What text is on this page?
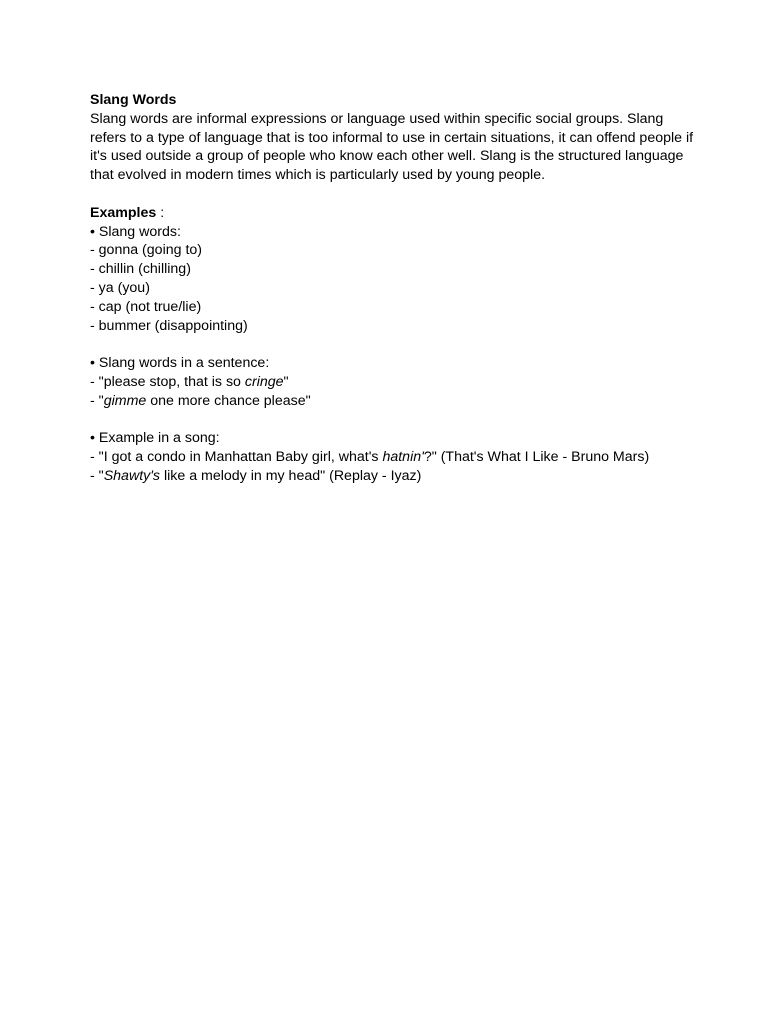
Slang Words
Slang words are informal expressions or language used within specific social groups. Slang
refers to a type of language that is too informal to use in certain situations, it can offend people if
it's used outside a group of people who know each other well. Slang is the structured language
that evolved in modern times which is particularly used by young people.
Examples :
• Slang words:
- gonna (going to)
- chillin (chilling)
- ya (you)
- cap (not true/lie)
- bummer (disappointing)
• Slang words in a sentence:
- "please stop, that is so cringe"
- "gimme one more chance please"
• Example in a song:
- "I got a condo in Manhattan Baby girl, what's hatnin'?" (That's What I Like - Bruno Mars)
- "Shawty's like a melody in my head" (Replay - Iyaz)
